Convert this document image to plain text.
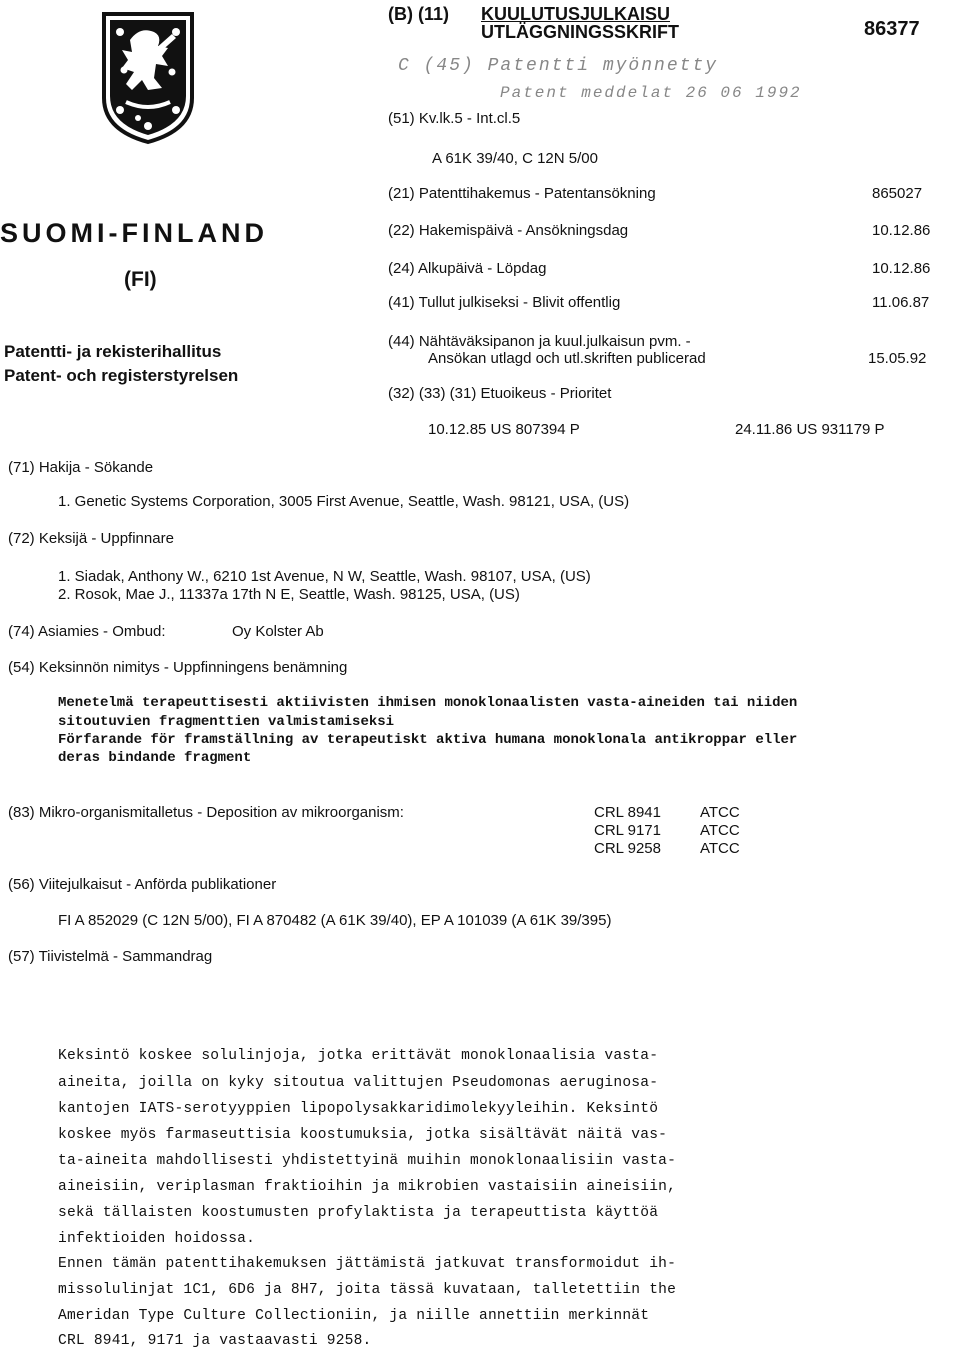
(B) (11) KUULUTUSJULKAISU
UTLÄGGNINGSSKRIFT	86377
C (45) Patentti myönnetty
Patent meddelat 26 06 1992
SUOMI-FINLAND
(FI)
Patentti- ja rekisterihallitus
Patent- och registerstyrelsen
(51) Kv.lk.5 - Int.cl.5
A 61K 39/40, C 12N 5/00
(21) Patenttihakemus - Patentansökning	865027
(22) Hakemispäivä - Ansökningsdag	10.12.86
(24) Alkupäivä - Löpdag	10.12.86
(41) Tullut julkiseksi - Blivit offentlig	11.06.87
(44) Nähtäväksipanon ja kuul.julkaisun pvm. -
Ansökan utlagd och utl.skriften publicerad	15.05.92
(32) (33) (31) Etuoikeus - Prioritet
10.12.85 US 807394 P	24.11.86 US 931179 P
(71) Hakija - Sökande
1. Genetic Systems Corporation, 3005 First Avenue, Seattle, Wash. 98121, USA, (US)
(72) Keksijä - Uppfinnare
1. Siadak, Anthony W., 6210 1st Avenue, N W, Seattle, Wash. 98107, USA, (US)
2. Rosok, Mae J., 11337a 17th N E, Seattle, Wash. 98125, USA, (US)
(74) Asiamies - Ombud:	Oy Kolster Ab
(54) Keksinnön nimitys - Uppfinningens benämning
Menetelmä terapeuttisesti aktiivisten ihmisen monoklonaalisten vasta-aineiden tai niiden
sitoutuvien fragmenttien valmistamiseksi
Förfarande för framställning av terapeutiskt aktiva humana monoklonala antikroppar eller
deras bindande fragment
(83) Mikro-organismitalletus - Deposition av mikroorganism:	CRL 8941	ATCC
CRL 9171	ATCC
CRL 9258	ATCC
(56) Viitejulkaisut - Anförda publikationer
FI A 852029 (C 12N 5/00), FI A 870482 (A 61K 39/40), EP A 101039 (A 61K 39/395)
(57) Tiivistelmä - Sammandrag
Keksintö koskee solulinjoja, jotka erittävät monoklonaalisia vasta-
aineita, joilla on kyky sitoutua valittujen Pseudomonas aeruginosa-
kantojen IATS-serotyyppien lipopolysakkaridimolekyyleihin. Keksintö
koskee myös farmaseuttisia koostumuksia, jotka sisältävät näitä vas-
ta-aineita mahdollisesti yhdistettyinä muihin monoklonaalisiin vasta-
aineisiin, veriplasman fraktioihin ja mikrobien vastaisiin aineisiin,
sekä tällaisten koostumusten profylaktista ja terapeuttista käyttöä
infektioiden hoidossa.
Ennen tämän patenttihakemuksen jättämistä jatkuvat transformoidut ih-
missolulinjat 1C1, 6D6 ja 8H7, joita tässä kuvataan, talletettiin the
Ameridan Type Culture Collectioniin, ja niille annettiin merkinnät
CRL 8941, 9171 ja vastaavasti 9258.
